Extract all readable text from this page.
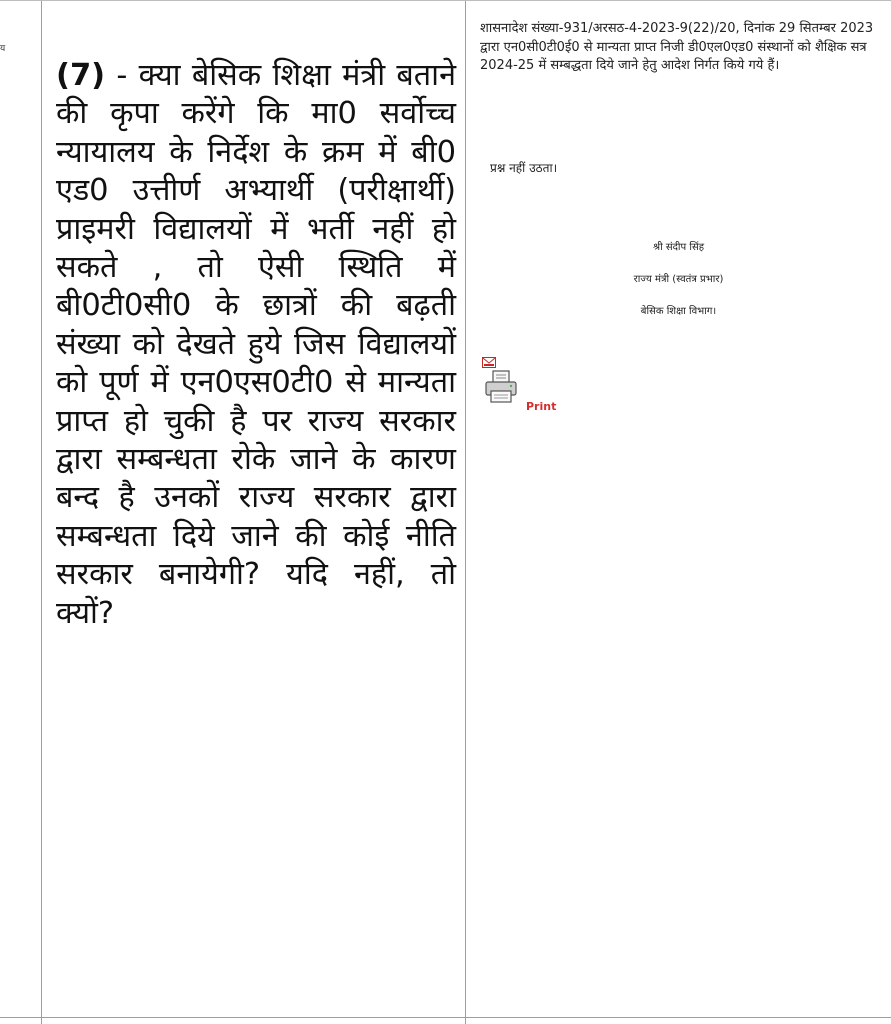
य
(7) - क्या बेसिक शिक्षा मंत्री बताने की कृपा करेंगे कि मा0 सर्वोच्च न्यायालय के निर्देश के क्रम में बी0 एड0 उत्तीर्ण अभ्यार्थी (परीक्षार्थी) प्राइमरी विद्यालयों में भर्ती नहीं हो सकते , तो ऐसी स्थिति में बी0टी0सी0 के छात्रों की बढ़ती संख्या को देखते हुये जिस विद्यालयों को पूर्ण में एन0एस0टी0 से मान्यता प्राप्त हो चुकी है पर राज्य सरकार द्वारा सम्बन्धता रोके जाने के कारण बन्द है उनकों राज्य सरकार द्वारा सम्बन्धता दिये जाने की कोई नीति सरकार बनायेगी? यदि नहीं, तो क्यों?
शासनादेश संख्या-931/अरसठ-4-2023-9(22)/20, दिनांक 29 सितम्बर 2023 द्वारा एन0सी0टी0ई0 से मान्यता प्राप्त निजी डी0एल0एड0 संस्थानों को शैक्षिक सत्र 2024-25 में सम्बद्धता दिये जाने हेतु आदेश निर्गत किये गये हैं।
प्रश्न नहीं उठता।
श्री संदीप सिंह
राज्य मंत्री (स्वतंत्र प्रभार)
बेसिक शिक्षा विभाग।
Print
